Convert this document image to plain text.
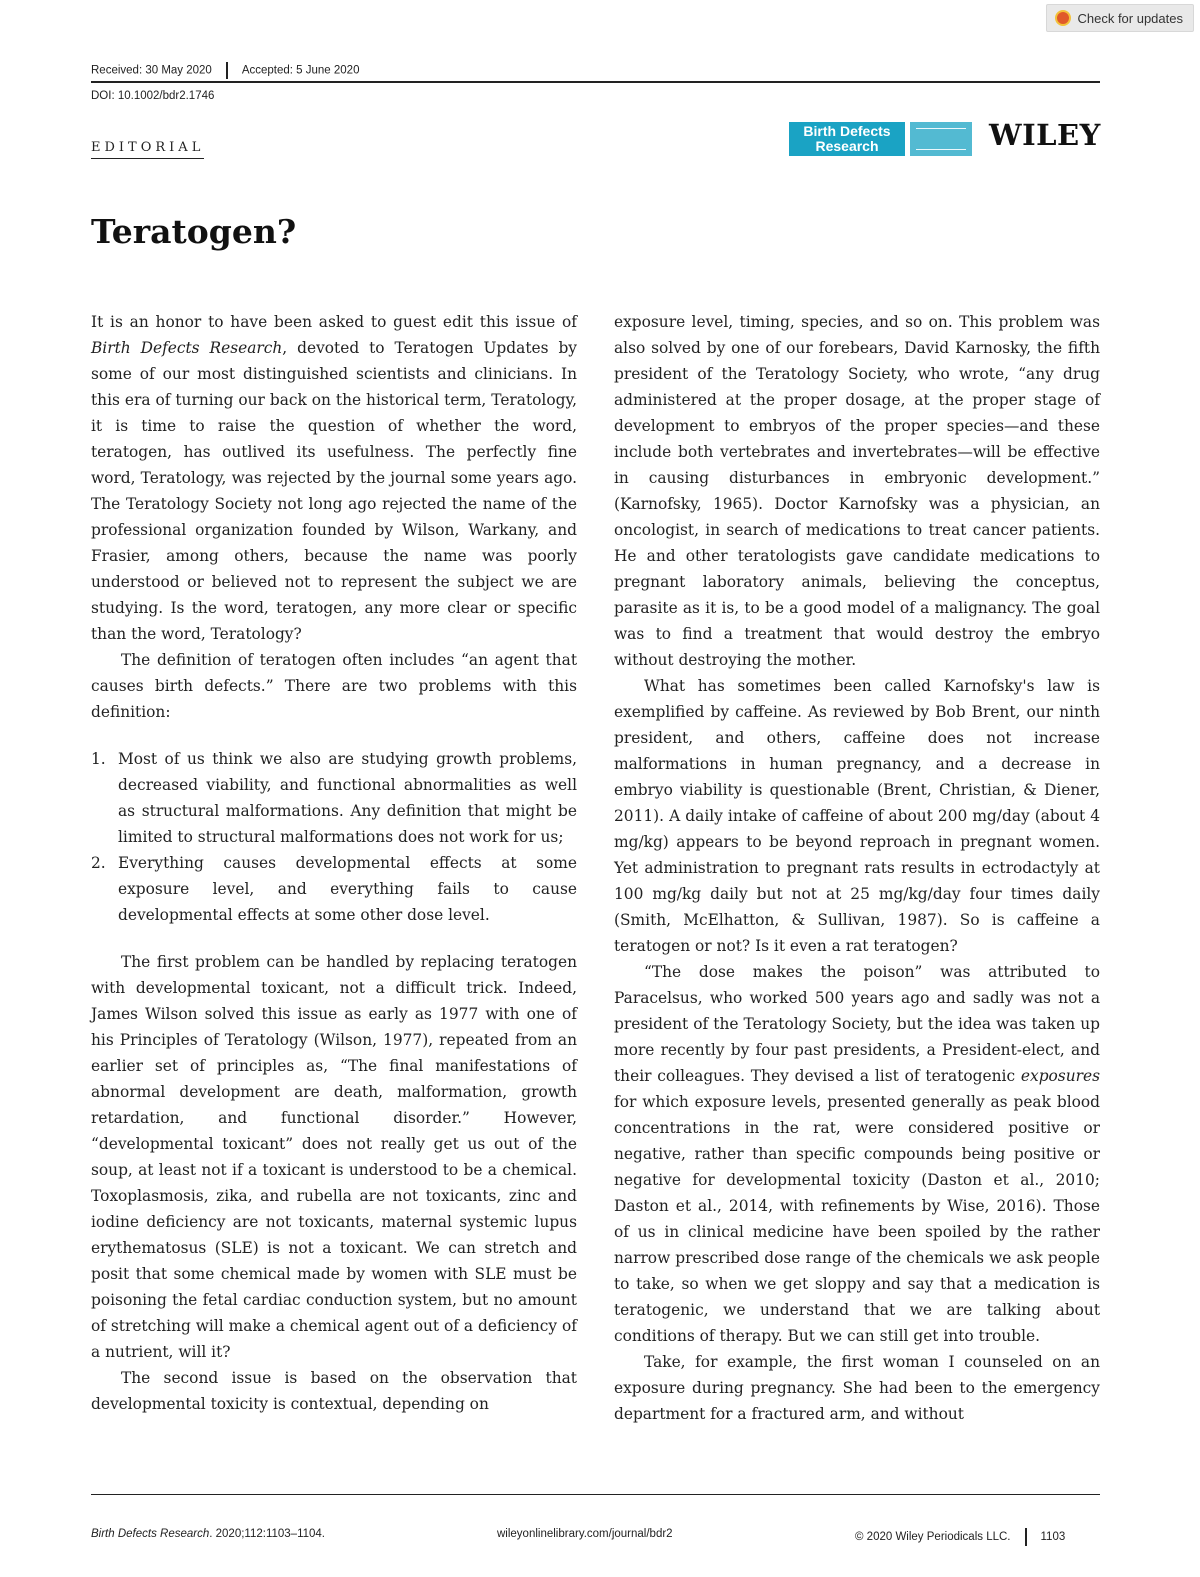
Check for updates
Received: 30 May 2020	Accepted: 5 June 2020
DOI: 10.1002/bdr2.1746
EDITORIAL
Birth Defects
Research	WILEY
Teratogen?

It is an honor to have been asked to guest edit this issue of Birth Defects Research, devoted to Teratogen Updates by some of our most distinguished scientists and clinicians. In this era of turning our back on the historical term, Teratology, it is time to raise the question of whether the word, teratogen, has outlived its usefulness. The perfectly fine word, Teratology, was rejected by the journal some years ago. The Teratology Society not long ago rejected the name of the professional organization founded by Wilson, Warkany, and Frasier, among others, because the name was poorly understood or believed not to represent the subject we are studying. Is the word, teratogen, any more clear or specific than the word, Teratology?

The definition of teratogen often includes “an agent that causes birth defects.” There are two problems with this definition:

1. Most of us think we also are studying growth problems, decreased viability, and functional abnormalities as well as structural malformations. Any definition that might be limited to structural malformations does not work for us;
2. Everything causes developmental effects at some exposure level, and everything fails to cause developmental effects at some other dose level.

The first problem can be handled by replacing teratogen with developmental toxicant, not a difficult trick. Indeed, James Wilson solved this issue as early as 1977 with one of his Principles of Teratology (Wilson, 1977), repeated from an earlier set of principles as, “The final manifestations of abnormal development are death, malformation, growth retardation, and functional disorder.” However, “developmental toxicant” does not really get us out of the soup, at least not if a toxicant is understood to be a chemical. Toxoplasmosis, zika, and rubella are not toxicants, zinc and iodine deficiency are not toxicants, maternal systemic lupus erythematosus (SLE) is not a toxicant. We can stretch and posit that some chemical made by women with SLE must be poisoning the fetal cardiac conduction system, but no amount of stretching will make a chemical agent out of a deficiency of a nutrient, will it?

The second issue is based on the observation that developmental toxicity is contextual, depending on

exposure level, timing, species, and so on. This problem was also solved by one of our forebears, David Karnosky, the fifth president of the Teratology Society, who wrote, “any drug administered at the proper dosage, at the proper stage of development to embryos of the proper species—and these include both vertebrates and invertebrates—will be effective in causing disturbances in embryonic development.” (Karnofsky, 1965). Doctor Karnofsky was a physician, an oncologist, in search of medications to treat cancer patients. He and other teratologists gave candidate medications to pregnant laboratory animals, believing the conceptus, parasite as it is, to be a good model of a malignancy. The goal was to find a treatment that would destroy the embryo without destroying the mother.

What has sometimes been called Karnofsky's law is exemplified by caffeine. As reviewed by Bob Brent, our ninth president, and others, caffeine does not increase malformations in human pregnancy, and a decrease in embryo viability is questionable (Brent, Christian, & Diener, 2011). A daily intake of caffeine of about 200 mg/day (about 4 mg/kg) appears to be beyond reproach in pregnant women. Yet administration to pregnant rats results in ectrodactyly at 100 mg/kg daily but not at 25 mg/kg/day four times daily (Smith, McElhatton, & Sullivan, 1987). So is caffeine a teratogen or not? Is it even a rat teratogen?

“The dose makes the poison” was attributed to Paracelsus, who worked 500 years ago and sadly was not a president of the Teratology Society, but the idea was taken up more recently by four past presidents, a President-elect, and their colleagues. They devised a list of teratogenic exposures for which exposure levels, presented generally as peak blood concentrations in the rat, were considered positive or negative, rather than specific compounds being positive or negative for developmental toxicity (Daston et al., 2010; Daston et al., 2014, with refinements by Wise, 2016). Those of us in clinical medicine have been spoiled by the rather narrow prescribed dose range of the chemicals we ask people to take, so when we get sloppy and say that a medication is teratogenic, we understand that we are talking about conditions of therapy. But we can still get into trouble.

Take, for example, the first woman I counseled on an exposure during pregnancy. She had been to the emergency department for a fractured arm, and without

Birth Defects Research. 2020;112:1103–1104.	wileyonlinelibrary.com/journal/bdr2	© 2020 Wiley Periodicals LLC.	1103
